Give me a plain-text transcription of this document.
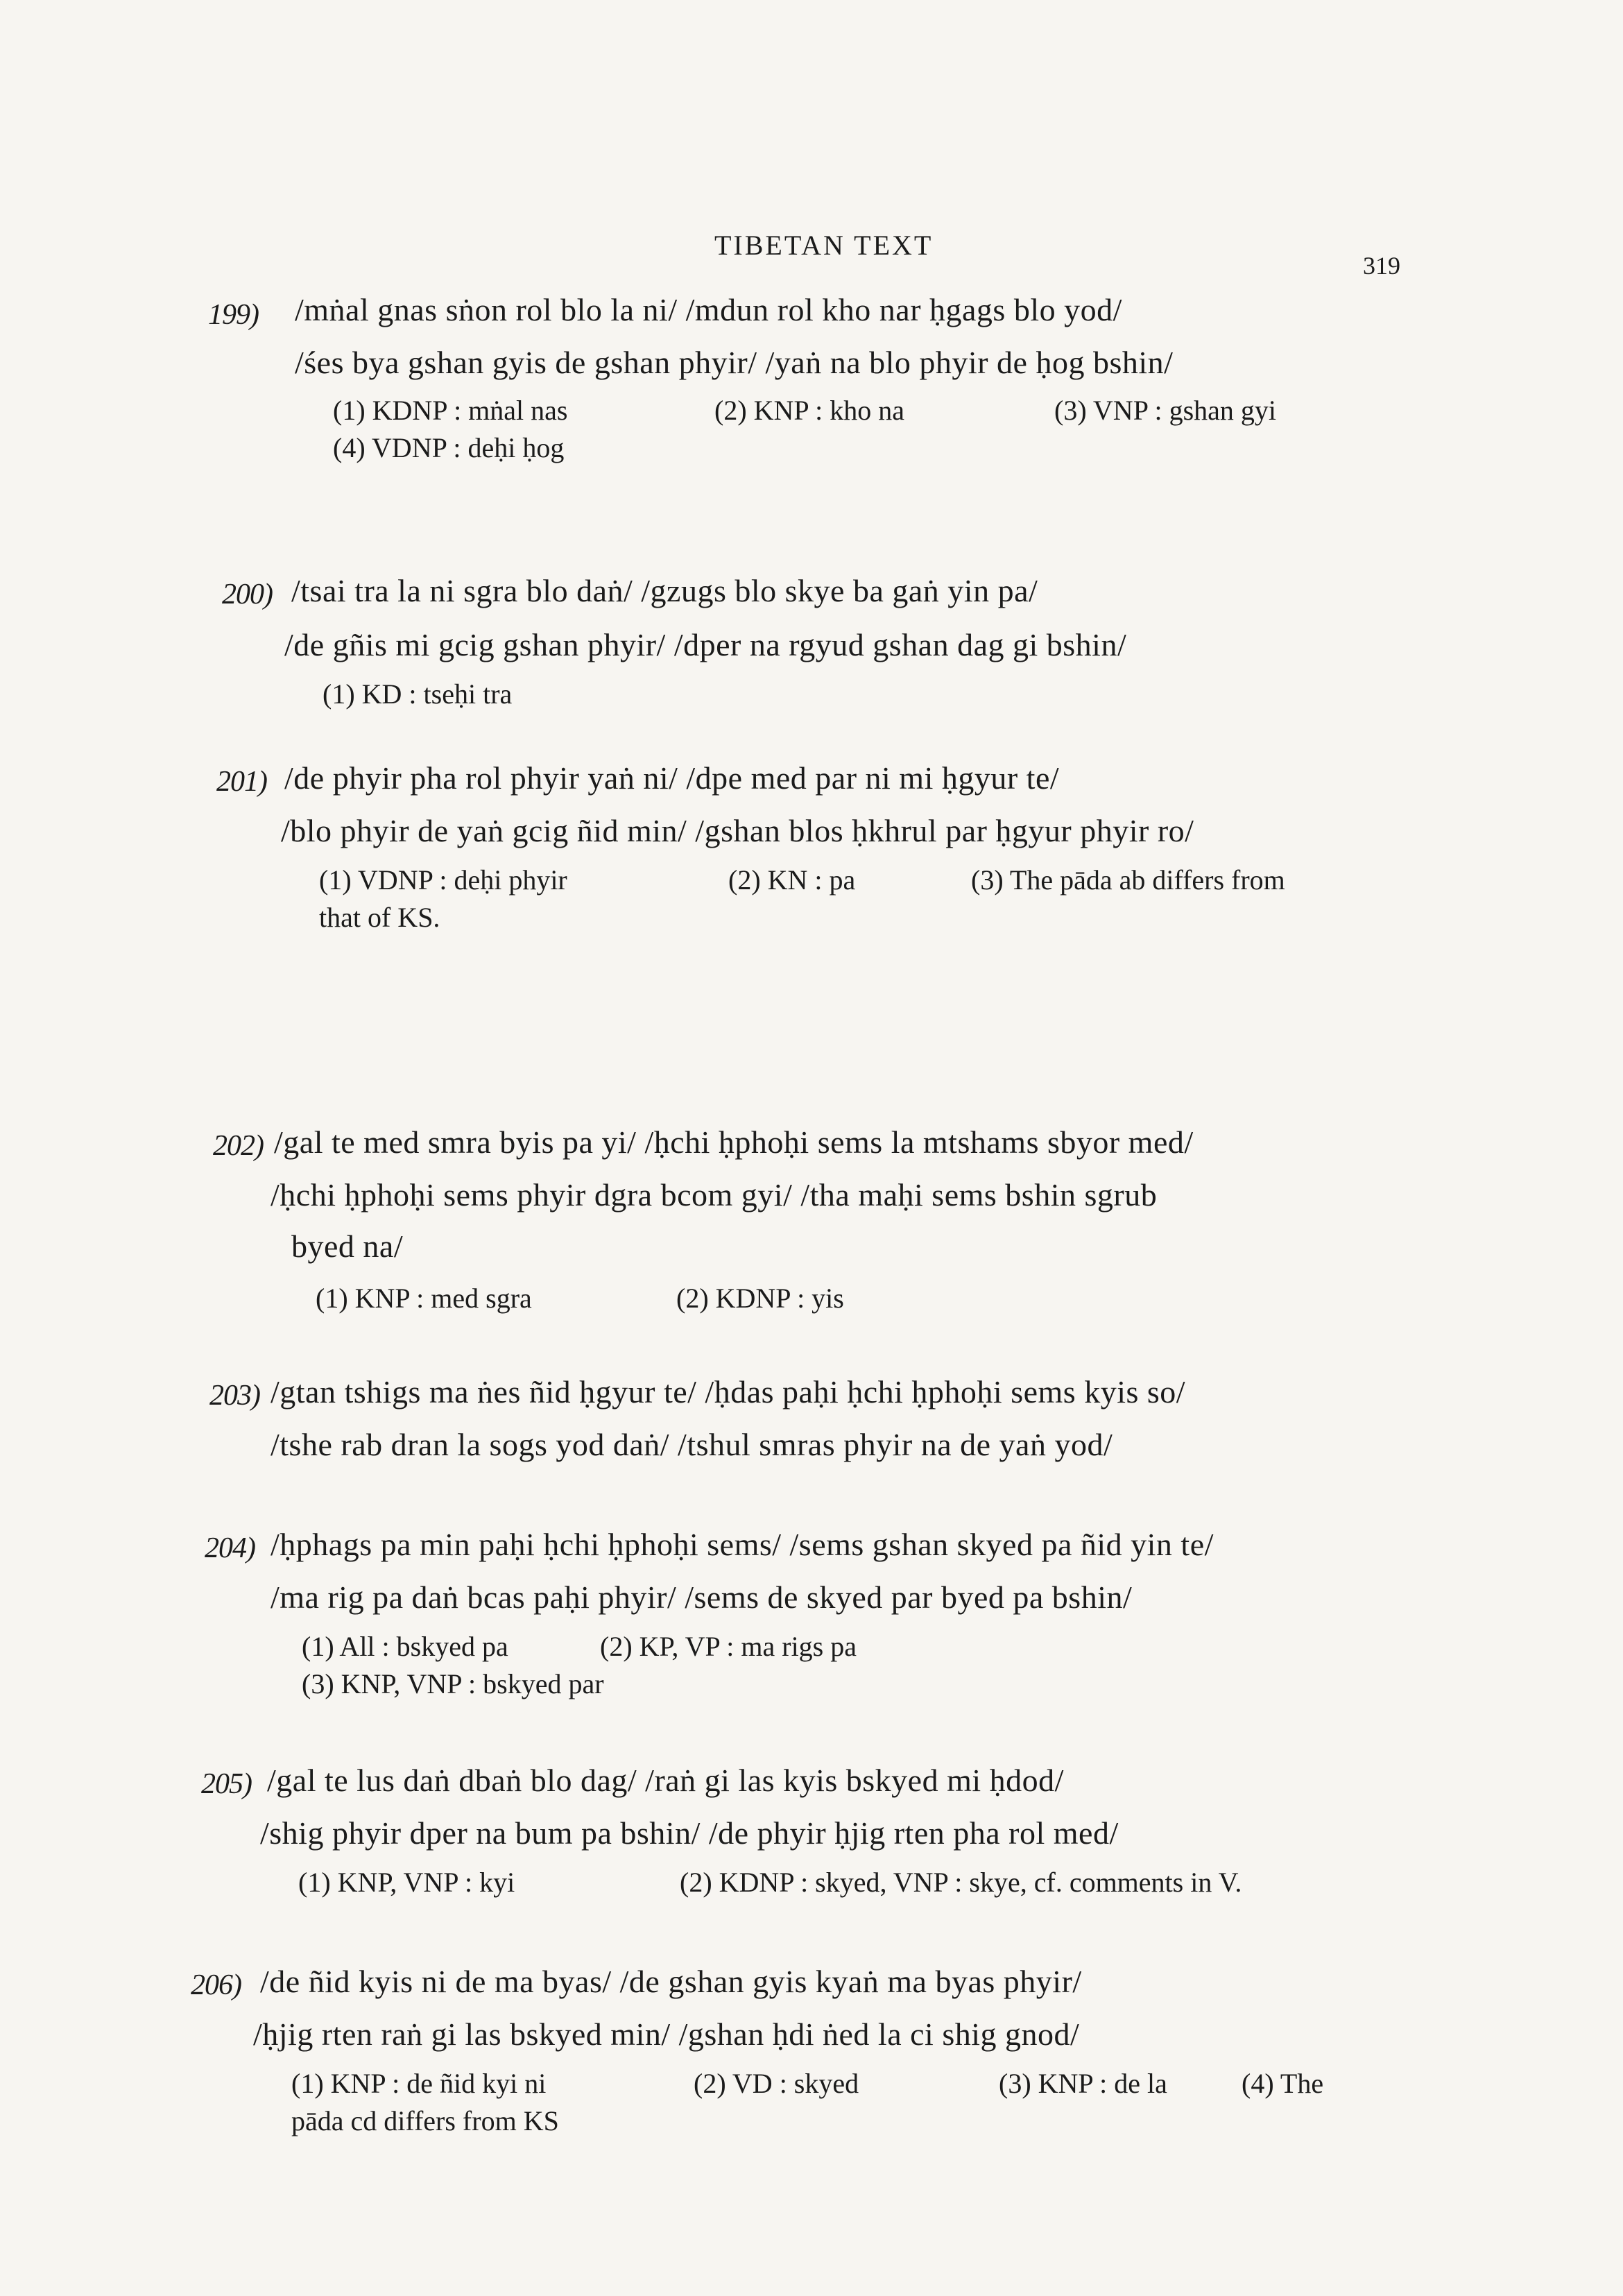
TIBETAN TEXT
319
199) /mṅal gnas sṅon rol blo la ni/ /mdun rol kho nar ḥgags blo yod/
/śes bya gshan gyis de gshan phyir/ /yaṅ na blo phyir de ḥog bshin/
(1) KDNP : mṅal nas	(2) KNP : kho na	(3) VNP : gshan gyi
(4) VDNP : deḥi ḥog
200) /tsai tra la ni sgra blo daṅ/ /gzugs blo skye ba gaṅ yin pa/
/de gñis mi gcig gshan phyir/ /dper na rgyud gshan dag gi bshin/
(1) KD : tseḥi tra
201) /de phyir pha rol phyir yaṅ ni/ /dpe med par ni mi ḥgyur te/
/blo phyir de yaṅ gcig ñid min/ /gshan blos ḥkhrul par ḥgyur phyir ro/
(1) VDNP : deḥi phyir	(2) KN : pa	(3) The pāda ab differs from
that of KS.
202) /gal te med smra byis pa yi/ /ḥchi ḥphoḥi sems la mtshams sbyor med/
/ḥchi ḥphoḥi sems phyir dgra bcom gyi/ /tha maḥi sems bshin sgrub
byed na/
(1) KNP : med sgra	(2) KDNP : yis
203) /gtan tshigs ma ṅes ñid ḥgyur te/ /ḥdas paḥi ḥchi ḥphoḥi sems kyis so/
/tshe rab dran la sogs yod daṅ/ /tshul smras phyir na de yaṅ yod/
204) /ḥphags pa min paḥi ḥchi ḥphoḥi sems/ /sems gshan skyed pa ñid yin te/
/ma rig pa daṅ bcas paḥi phyir/ /sems de skyed par byed pa bshin/
(1) All : bskyed pa	(2) KP, VP : ma rigs pa
(3) KNP, VNP : bskyed par
205) /gal te lus daṅ dbaṅ blo dag/ /raṅ gi las kyis bskyed mi ḥdod/
/shig phyir dper na bum pa bshin/ /de phyir ḥjig rten pha rol med/
(1) KNP, VNP : kyi	(2) KDNP : skyed, VNP : skye, cf. comments in V.
206) /de ñid kyis ni de ma byas/ /de gshan gyis kyaṅ ma byas phyir/
/ḥjig rten raṅ gi las bskyed min/ /gshan ḥdi ṅed la ci shig gnod/
(1) KNP : de ñid kyi ni	(2) VD : skyed	(3) KNP : de la	(4) The
pāda cd differs from KS
